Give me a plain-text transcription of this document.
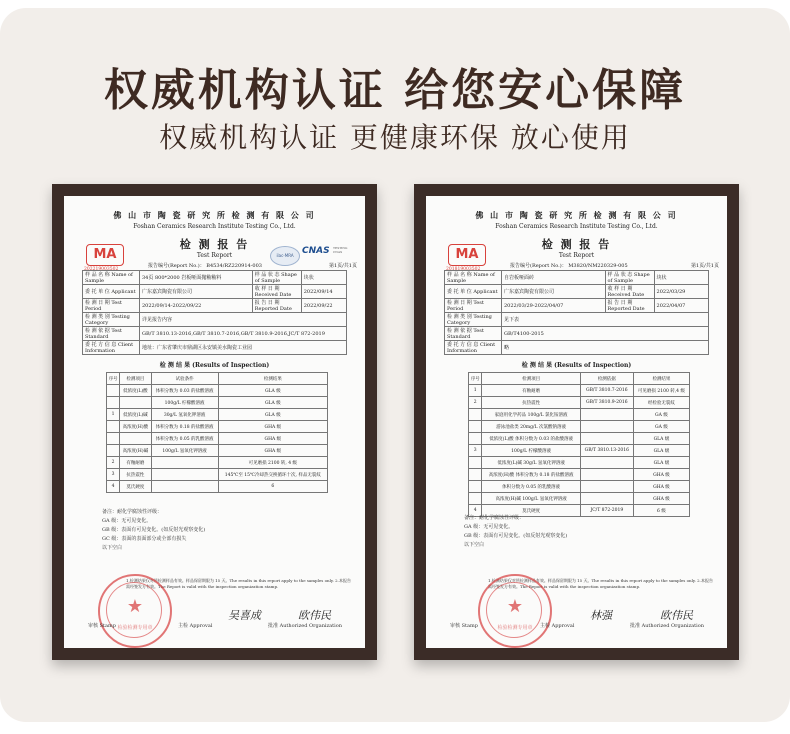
权威机构认证 给您安心保障
权威机构认证 更健康环保 放心使用
佛 山 市 陶 瓷 研 究 所 检 测 有 限 公 司
Foshan Ceramics Research Institute Testing Co., Ltd.
检 测 报 告
Test Report
MA
202219003502
ilac-MRA CNAS	TESTING CNAS
报告编号(Report No.)： B4534/RZ220914-003	第1页/共1页
样 品 名 称 Name of Sample	34页 800*2000 岩板哑面抛釉釉料	样 品 状 态 Shape of Sample	块状
委 托 单 位 Applicant	广东嘉宾陶瓷有限公司	收 样 日 期 Received Date	2022/09/14
检 测 日 期 Test Period	2022/09/14-2022/09/22	报 告 日 期 Reported Date	2022/09/22
检 测 类 别 Testing Category	详见报告内容		
检 测 依 据 Test Standard	GB/T 3810.13-2016,GB/T 3810.7-2016,GB/T 3810.9-2016,JC/T 872-2019		
委 托 方 信 息 Client Information	地址：广东省肇庆市鼎湖区永安镇美水陶瓷工业园		
检 测 结 果 (Results of Inspection)
序号	检测项目	试验条件	检测结果
	低浓度(L)酸	体积分数为 0.03 的盐酸溶液	GLA 级
		100g/L 柠檬酸溶液	GLA 级
1	低浓度(L)碱	30g/L 氢氧化钾溶液	GLA 级
	高浓度(H)酸	体积分数为 0.18 的盐酸溶液	GHA 级
		体积分数为 0.05 的乳酸溶液	GHA 级
	高浓度(H)碱	100g/L 氢氧化钾溶液	GHA 级
2	有釉耐磨		可见磨损 2100 转, 4 级
3	抗热震性		145℃至 15℃冷却热交换循环十次, 样品无裂纹
4	莫氏硬度		6
备注：耐化学腐蚀性评级：
GA 级：无可见变化。
GB 级：表面有可见变化。(如反射光观察变化)
GC 级：表面的表面部分或全部有损失
以下空白
1.检测结果仅对所检测样品有效。样品保留期限为 15 天。The results in this report apply to the samples only. 2.本报告需经签发方有效。The Report is valid with the inspection organization stamp.
★
检验检测专用章
审核 Stamp	主检 Approval	批准 Authorized Organization
吴喜成	欧伟民
佛 山 市 陶 瓷 研 究 所 检 测 有 限 公 司
Foshan Ceramics Research Institute Testing Co., Ltd.
检 测 报 告
Test Report
MA
201819003502
报告编号(Report No.)： M3820/NM220329-005	第1页/共1页
样 品 名 称 Name of Sample	自岩板哑面砖	样 品 状 态 Shape of Sample	块状
委 托 单 位 Applicant	广东嘉宾陶瓷有限公司	收 样 日 期 Received Date	2022/03/29
检 测 日 期 Test Period	2022/03/29-2022/04/07	报 告 日 期 Reported Date	2022/04/07
检 测 类 别 Testing Category	见下表		
检 测 依 据 Test Standard	GB/T4100-2015		
委 托 方 信 息 Client Information	略		
检 测 结 果 (Results of Inspection)
序号	检测项目	检测依据	检测结果
1	有釉耐磨	GB/T 3810.7-2016	可见磨损 2100 转,4 级
2	抗热震性	GB/T 3810.9-2016	经检验无裂纹
	家庭用化学药品 100g/L 氯化铵溶液		GA 级
	游泳池盐类 20mg/L 次氯酸钠溶液		GA 级
	低浓度(L)酸 体积分数为 0.03 的盐酸溶液		GLA 级
3	100g/L 柠檬酸溶液	GB/T 3810.13-2016	GLA 级
	低浓度(L)碱 30g/L 氢氧化钾溶液		GLA 级
	高浓度(H)酸 体积分数为 0.18 的盐酸溶液		GHA 级
	体积分数为 0.05 的乳酸溶液		GHA 级
	高浓度(H)碱 100g/L 氢氧化钾溶液		GHA 级
4	莫氏硬度	JC/T 872-2019	6 级
备注：耐化学腐蚀性评级：
GA 级：无可见变化。
GB 级：表面有可见变化。(如反射光观察变化)
以下空白
1.检测结果仅对所检测样品有效。样品保留期限为 15 天。The results in this report apply to the samples only. 2.本报告需经签发方有效。The Report is valid with the inspection organization stamp.
★
检验检测专用章
审核 Stamp	主检 Approval	批准 Authorized Organization
林强	欧伟民
